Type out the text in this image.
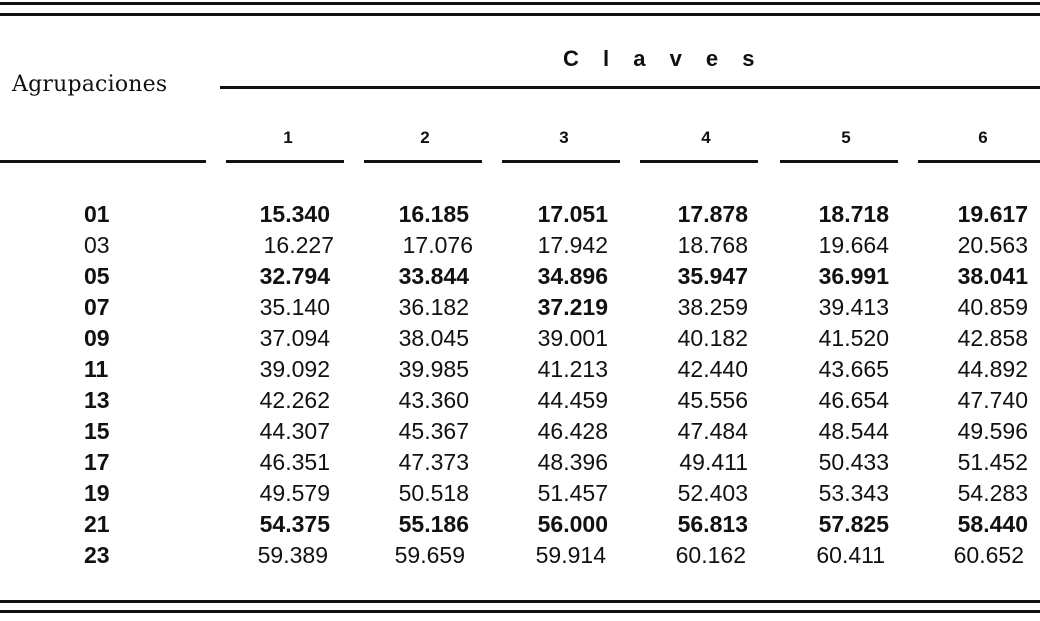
Agrupaciones
C l a v e s
1	2	3	4	5	6
01	15.340	16.185	17.051	17.878	18.718	19.617
03	16.227	17.076	17.942	18.768	19.664	20.563
05	32.794	33.844	34.896	35.947	36.991	38.041
07	35.140	36.182	37.219	38.259	39.413	40.859
09	37.094	38.045	39.001	40.182	41.520	42.858
11	39.092	39.985	41.213	42.440	43.665	44.892
13	42.262	43.360	44.459	45.556	46.654	47.740
15	44.307	45.367	46.428	47.484	48.544	49.596
17	46.351	47.373	48.396	49.411	50.433	51.452
19	49.579	50.518	51.457	52.403	53.343	54.283
21	54.375	55.186	56.000	56.813	57.825	58.440
23	59.389	59.659	59.914	60.162	60.411	60.652
